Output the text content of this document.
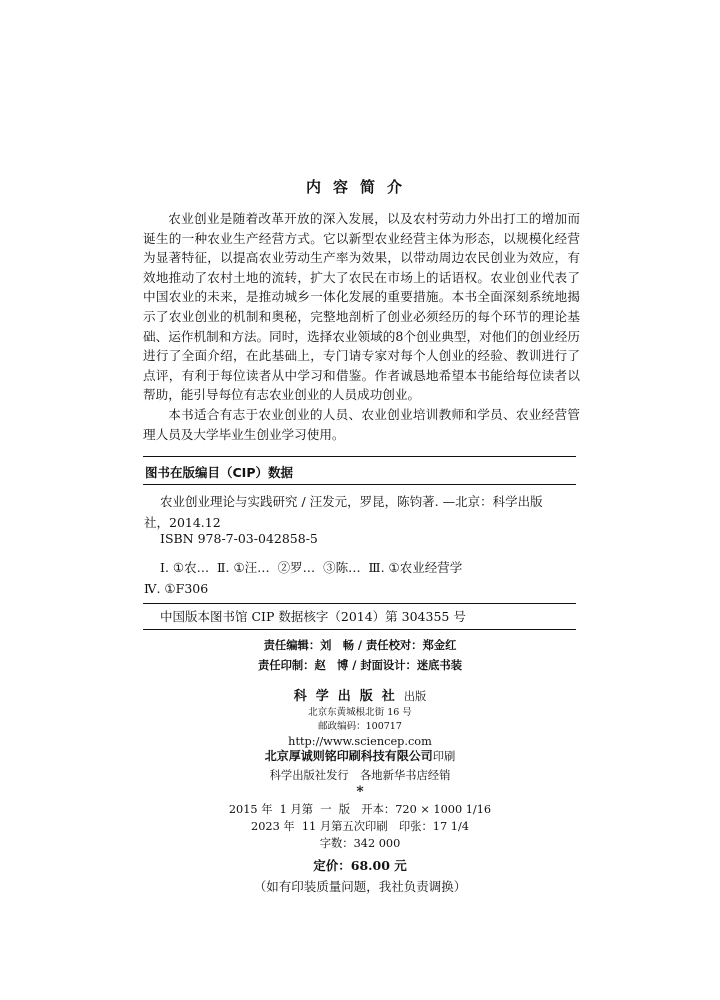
内容简介

农业创业是随着改革开放的深入发展，以及农村劳动力外出打工的增加而诞生的一种农业生产经营方式。它以新型农业经营主体为形态，以规模化经营为显著特征，以提高农业劳动生产率为效果，以带动周边农民创业为效应，有效地推动了农村土地的流转，扩大了农民在市场上的话语权。农业创业代表了中国农业的未来，是推动城乡一体化发展的重要措施。本书全面深刻系统地揭示了农业创业的机制和奥秘，完整地剖析了创业必须经历的每个环节的理论基础、运作机制和方法。同时，选择农业领域的8个创业典型，对他们的创业经历进行了全面介绍，在此基础上，专门请专家对每个人创业的经验、教训进行了点评，有利于每位读者从中学习和借鉴。作者诚恳地希望本书能给每位读者以帮助，能引导每位有志农业创业的人员成功创业。

本书适合有志于农业创业的人员、农业创业培训教师和学员、农业经营管理人员及大学毕业生创业学习使用。

图书在版编目（CIP）数据
农业创业理论与实践研究 / 汪发元，罗昆，陈钧著. —北京：科学出版
社，2014.12
ISBN 978-7-03-042858-5
Ⅰ. ①农…  Ⅱ. ①汪…  ②罗…  ③陈…  Ⅲ. ①农业经营学
Ⅳ. ①F306
中国版本图书馆 CIP 数据核字（2014）第 304355 号
责任编辑：刘　畅 / 责任校对：郑金红
责任印制：赵　博 / 封面设计：迷底书装
科学出版社出版
北京东黄城根北街 16 号
邮政编码：100717
http://www.sciencep.com
北京厚诚则铭印刷科技有限公司印刷
科学出版社发行　各地新华书店经销
*
2015 年  1 月第  一  版　开本：720 × 1000 1/16
2023 年  11 月第五次印刷　印张：17 1/4
字数：342 000
定价：68.00 元
（如有印装质量问题，我社负责调换）
